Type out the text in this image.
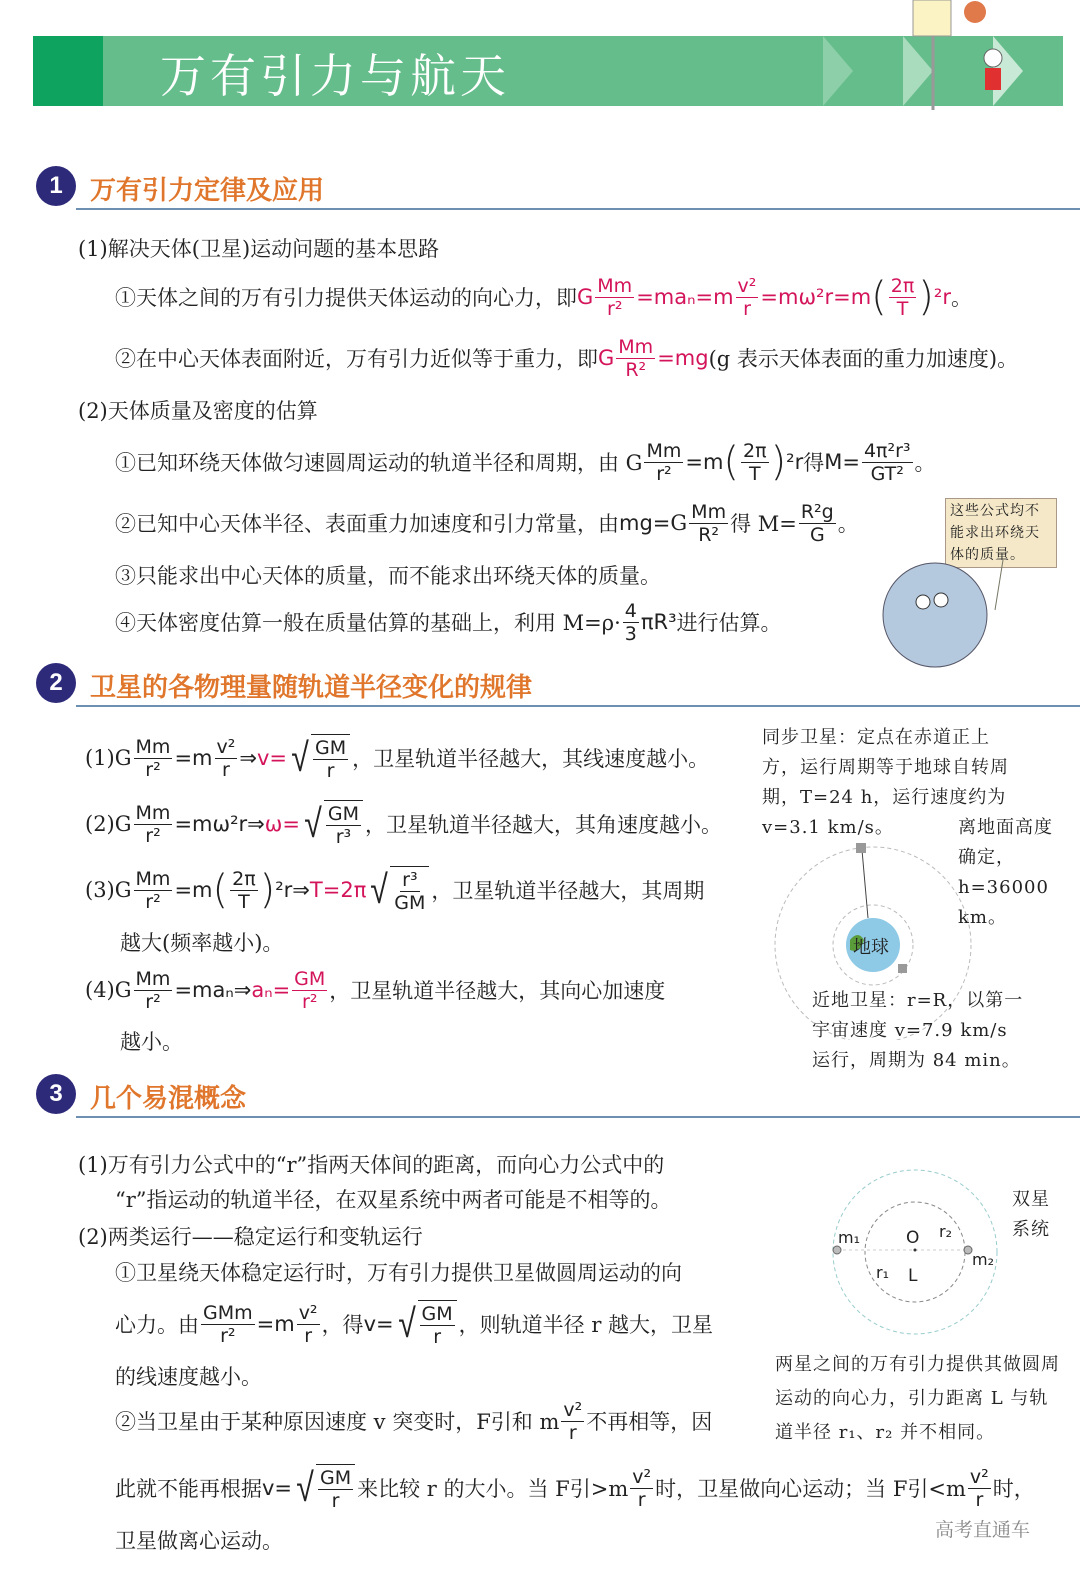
万有引力与航天
1	万有引力定律及应用
2	卫星的各物理量随轨道半径变化的规律
3	几个易混概念
(1)解决天体(卫星)运动问题的基本思路
①天体之间的万有引力提供天体运动的向心力，即 G $\frac{Mm}{\text{r²}} =ma_n=m \frac{\text{v²}}{r} =m\omega^2r=m$ ( $\frac{2\pi}{T}$ ) ²r 。
②在中心天体表面附近，万有引力近似等于重力，即 G $\frac{Mm}{\text{R²}} =mg$ (g 表示天体表面的重力加速度)。
(2)天体质量及密度的估算
①已知环绕天体做匀速圆周运动的轨道半径和周期，由 G $\frac{Mm}{\text{r²}} =m$ ( $\frac{2\pi}{T}$ ) ²r 得 $M= \frac{\text{4π²r³}}{\text{GT²}}$ 。
②已知中心天体半径、表面重力加速度和引力常量，由 mg= G $\frac{Mm}{\text{R²}}$ 得 $M= \frac{\text{R²g}}{G}$ 。
③只能求出中心天体的质量，而不能求出环绕天体的质量。
④天体密度估算一般在质量估算的基础上，利用 $M=\rho\cdot \frac{4}{3} \pi R^3$ 进行估算。
$(1)G \frac{Mm}{\text{r²}} =m \frac{\text{v²}}{r}$ ⇒ v= √ $\frac{GM}{r}$ ，卫星轨道半径越大，其线速度越小。
$(2)G \frac{Mm}{\text{r²}}$ =mω²r⇒ ω= √ $\frac{GM}{\text{r³}}$ ，卫星轨道半径越大，其角速度越小。
$(3)G \frac{Mm}{\text{r²}} =m$ ( $\frac{2\pi}{T}$ ) ²r⇒ T=2π √ $\frac{\text{r³}}{GM}$ ，卫星轨道半径越大，其周期
越大(频率越小)。
$(4)G \frac{Mm}{\text{r²}}$ =maₙ⇒ $a_n= \frac{GM}{\text{r²}}$ ，卫星轨道半径越大，其向心加速度
越小。
(1)万有引力公式中的“r”指两天体间的距离，而向心力公式中的
“r”指运动的轨道半径，在双星系统中两者可能是不相等的。
(2)两类运行——稳定运行和变轨运行
①卫星绕天体稳定运行时，万有引力提供卫星做圆周运动的向
心力。由 $\frac{\text{GMm}}{\text{r²}} =m \frac{\text{v²}}{r}$ ，得 v= √ $\frac{GM}{r}$ ，则轨道半径 r 越大，卫星
的线速度越小。
②当卫星由于某种原因速度 v 突变时，F引和 m $\frac{\text{v²}}{r}$ 不再相等，因
此就不能再根据 v= √ $\frac{GM}{r}$ 来比较 r 的大小。当 F引$>m \frac{\text{v²}}{r}$ 时，卫星做向心运动；当 F引$<m \frac{\text{v²}}{r}$ 时，
卫星做离心运动。
这些公式均不能求出环绕天体的质量。
同步卫星：定点在赤道正上方，运行周期等于地球自转周期，T=24 h，运行速度约为 v=3.1 km/s。	离地面高度确定，h=36000 km。
地球
近地卫星：r=R，以第一宇宙速度 v=7.9 km/s 运行，周期为 84 min。
m₁	O r₂
m₂
r₁ L
双星系统
两星之间的万有引力提供其做圆周运动的向心力，引力距离 L 与轨道半径 r₁、r₂ 并不相同。
高考直通车
